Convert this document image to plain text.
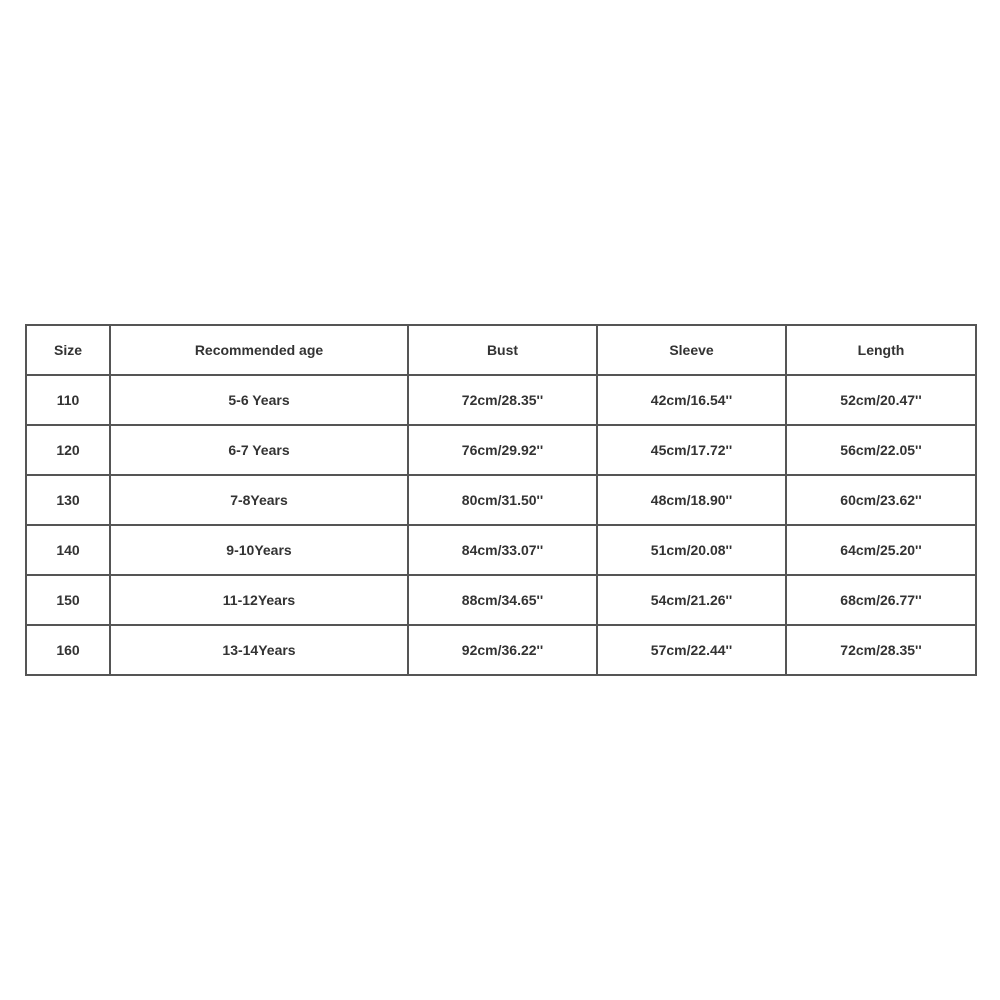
Size	Recommended age	Bust	Sleeve	Length
110	5-6 Years	72cm/28.35''	42cm/16.54''	52cm/20.47''
120	6-7 Years	76cm/29.92''	45cm/17.72''	56cm/22.05''
130	7-8Years	80cm/31.50''	48cm/18.90''	60cm/23.62''
140	9-10Years	84cm/33.07''	51cm/20.08''	64cm/25.20''
150	11-12Years	88cm/34.65''	54cm/21.26''	68cm/26.77''
160	13-14Years	92cm/36.22''	57cm/22.44''	72cm/28.35''
